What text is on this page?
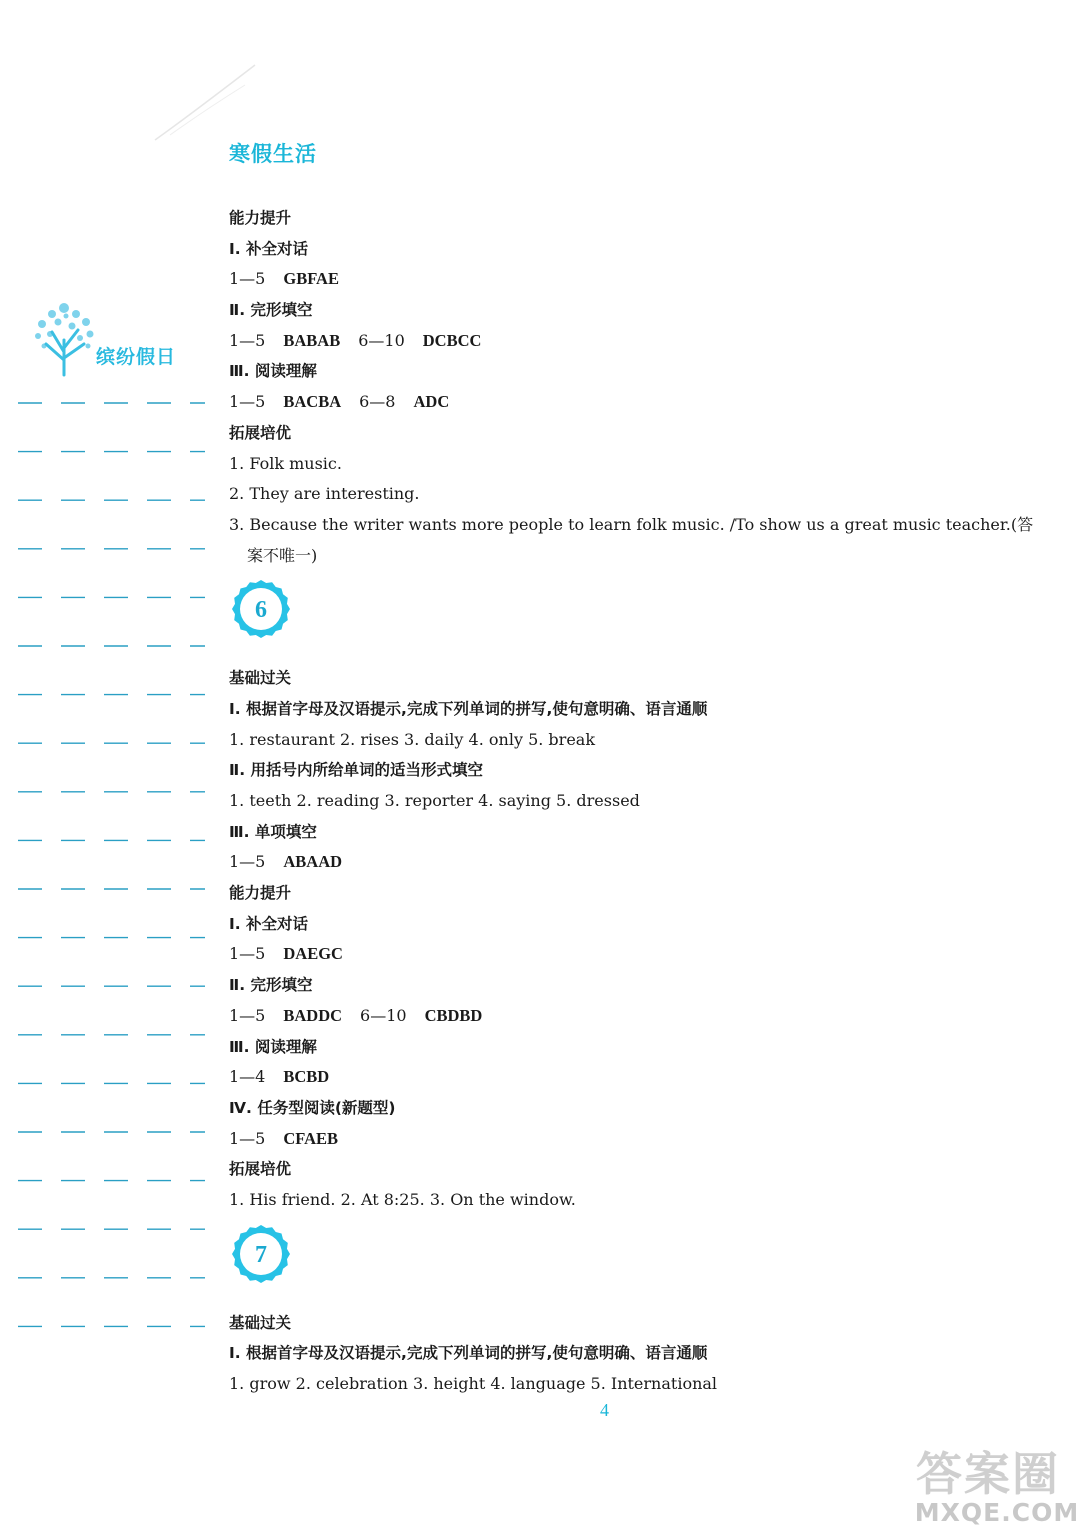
寒假生活
缤纷假日
能力提升
Ⅰ. 补全对话
1—5 GBFAE
Ⅱ. 完形填空
1—5 BABAB 6—10 DCBCC
Ⅲ. 阅读理解
1—5 BACBA 6—8 ADC
拓展培优
1. Folk music.
2. They are interesting.
3. Because the writer wants more people to learn folk music. /To show us a great music teacher.(答
案不唯一)
6
基础过关
Ⅰ. 根据首字母及汉语提示,完成下列单词的拼写,使句意明确、语言通顺
1. restaurant 2. rises 3. daily 4. only 5. break
Ⅱ. 用括号内所给单词的适当形式填空
1. teeth 2. reading 3. reporter 4. saying 5. dressed
Ⅲ. 单项填空
1—5 ABAAD
能力提升
Ⅰ. 补全对话
1—5 DAEGC
Ⅱ. 完形填空
1—5 BADDC 6—10 CBDBD
Ⅲ. 阅读理解
1—4 BCBD
Ⅳ. 任务型阅读(新题型)
1—5 CFAEB
拓展培优
1. His friend. 2. At 8:25. 3. On the window.
7
基础过关
Ⅰ. 根据首字母及汉语提示,完成下列单词的拼写,使句意明确、语言通顺
1. grow 2. celebration 3. height 4. language 5. International
4
答案圈
MXQE.COM
